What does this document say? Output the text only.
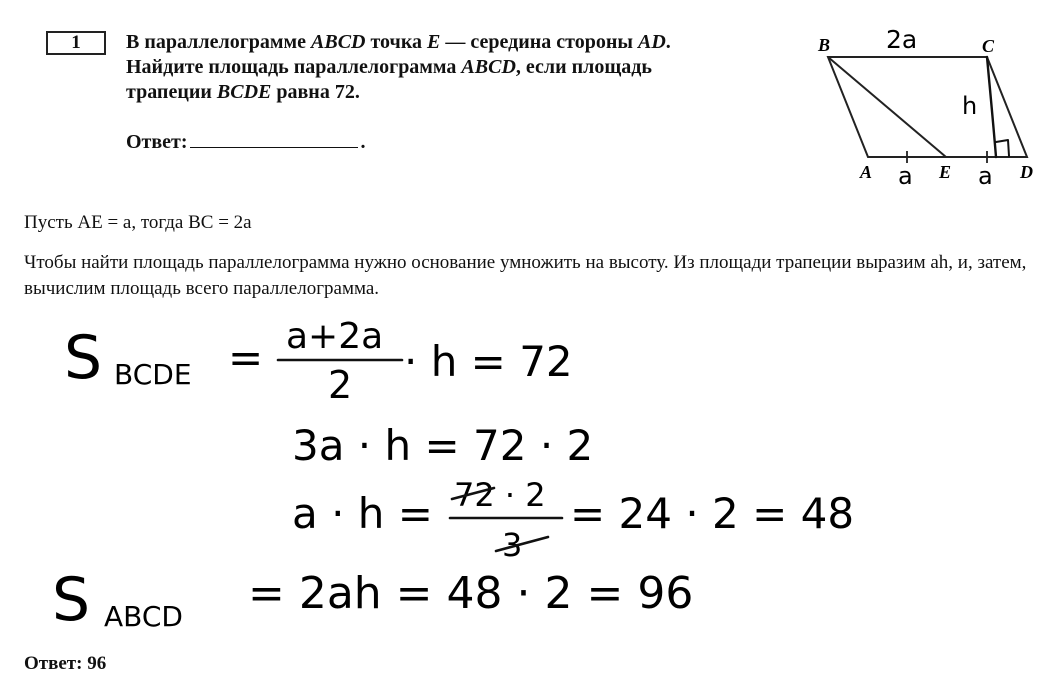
1	В параллелограмме ABCD точка E — середина стороны AD.
Найдите площадь параллелограмма ABCD, если площадь
трапеции BCDE равна 72.
Ответ:	.
B	C
A	E	D
2a
h
a	a
Пусть АЕ = а, тогда ВС = 2а
Чтобы найти площадь параллелограмма нужно основание умножить на высоту. Из площади трапеции выразим аh, и, затем, вычислим площадь всего параллелограмма.
S BCDE = a+2a
2 · h = 72
3a · h = 72 · 2
a · h = 72 · 2
3
= 24 · 2 = 48
S ABCD = 2ah = 48 · 2 = 96
Ответ: 96
